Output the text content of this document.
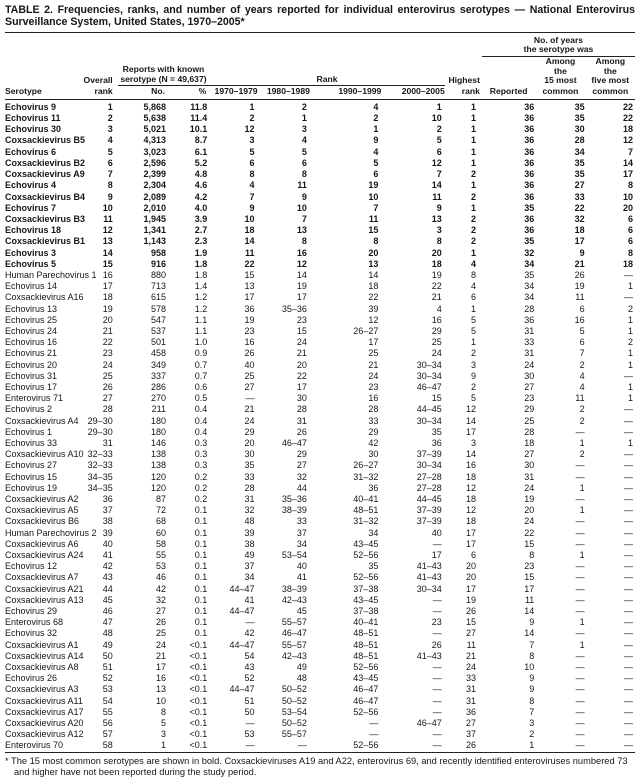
TABLE 2. Frequencies, ranks, and number of years reported for individual enterovirus serotypes — National Enterovirus Surveillance System, United States, 1970–2005*
									No. of years
the serotype was		
	Overall	Reports with known
serotype (N = 49,637)		Rank				Highest		Among
the
15 most	Among
the
five most
Serotype	rank	No.	%	1970–1979	1980–1989	1990–1999	2000–2005	rank	Reported	common	common
Echovirus 9	1	5,868	11.8	1	2	4	1	1	36	35	22
Echovirus 11	2	5,638	11.4	2	1	2	10	1	36	35	22
Echovirus 30	3	5,021	10.1	12	3	1	2	1	36	30	18
Coxsackievirus B5	4	4,313	8.7	3	4	9	5	1	36	28	12
Echovirus 6	5	3,023	6.1	5	5	4	6	1	36	34	7
Coxsackievirus B2	6	2,596	5.2	6	6	5	12	1	36	35	14
Coxsackievirus A9	7	2,399	4.8	8	8	6	7	2	36	35	17
Echovirus 4	8	2,304	4.6	4	11	19	14	1	36	27	8
Coxsackievirus B4	9	2,089	4.2	7	9	10	11	2	36	33	10
Echovirus 7	10	2,010	4.0	9	10	7	9	1	35	22	20
Coxsackievirus B3	11	1,945	3.9	10	7	11	13	2	36	32	6
Echovirus 18	12	1,341	2.7	18	13	15	3	2	36	18	6
Coxsackievirus B1	13	1,143	2.3	14	8	8	8	2	35	17	6
Echovirus 3	14	958	1.9	11	16	20	20	1	32	9	8
Echovirus 5	15	916	1.8	22	12	13	18	4	34	21	18
Human Parechovirus 1	16	880	1.8	15	14	14	19	8	35	26	—
Echovirus 14	17	713	1.4	13	19	18	22	4	34	19	1
Coxsackievirus A16	18	615	1.2	17	17	22	21	6	34	11	—
Echovirus 13	19	578	1.2	36	35–36	39	4	1	28	6	2
Echovirus 25	20	547	1.1	19	23	12	16	5	36	16	1
Echovirus 24	21	537	1.1	23	15	26–27	29	5	31	5	1
Echovirus 16	22	501	1.0	16	24	17	25	1	33	6	2
Echovirus 21	23	458	0.9	26	21	25	24	2	31	7	1
Echovirus 20	24	349	0.7	40	20	21	30–34	3	24	2	1
Echovirus 31	25	337	0.7	25	22	24	30–34	9	30	4	—
Echovirus 17	26	286	0.6	27	17	23	46–47	2	27	4	1
Enterovirus 71	27	270	0.5	—	30	16	15	5	23	11	1
Echovirus 2	28	211	0.4	21	28	28	44–45	12	29	2	—
Coxsackievirus A4	29–30	180	0.4	24	31	33	30–34	14	25	2	—
Echovirus 1	29–30	180	0.4	29	26	29	35	17	28	—	—
Echovirus 33	31	146	0.3	20	46–47	42	36	3	18	1	1
Coxsackievirus A10	32–33	138	0.3	30	29	30	37–39	14	27	2	—
Echovirus 27	32–33	138	0.3	35	27	26–27	30–34	16	30	—	—
Echovirus 15	34–35	120	0.2	33	32	31–32	27–28	18	31	—	—
Echovirus 19	34–35	120	0.2	28	44	36	27–28	12	24	1	—
Coxsackievirus A2	36	87	0.2	31	35–36	40–41	44–45	18	19	—	—
Coxsackievirus A5	37	72	0.1	32	38–39	48–51	37–39	12	20	1	—
Coxsackievirus B6	38	68	0.1	48	33	31–32	37–39	18	24	—	—
Human Parechovirus 2	39	60	0.1	39	37	34	40	17	22	—	—
Coxsackievirus A6	40	58	0.1	38	34	43–45	—	17	15	—	—
Coxsackievirus A24	41	55	0.1	49	53–54	52–56	17	6	8	1	—
Echovirus 12	42	53	0.1	37	40	35	41–43	20	23	—	—
Coxsackievirus A7	43	46	0.1	34	41	52–56	41–43	20	15	—	—
Coxsackievirus A21	44	42	0.1	44–47	38–39	37–38	30–34	17	17	—	—
Coxsackievirus A13	45	32	0.1	41	42–43	43–45	—	19	11	—	—
Echovirus 29	46	27	0.1	44–47	45	37–38	—	26	14	—	—
Enterovirus 68	47	26	0.1	—	55–57	40–41	23	15	9	1	—
Echovirus 32	48	25	0.1	42	46–47	48–51	—	27	14	—	—
Coxsackievirus A1	49	24	<0.1	44–47	55–57	48–51	26	11	7	1	—
Coxsackievirus A14	50	21	<0.1	54	42–43	48–51	41–43	21	8	—	—
Coxsackievirus A8	51	17	<0.1	43	49	52–56	—	24	10	—	—
Echovirus 26	52	16	<0.1	52	48	43–45	—	33	9	—	—
Coxsackievirus A3	53	13	<0.1	44–47	50–52	46–47	—	31	9	—	—
Coxsackievirus A11	54	10	<0.1	51	50–52	46–47	—	31	8	—	—
Coxsackievirus A17	55	8	<0.1	50	53–54	52–56	—	36	7	—	—
Coxsackievirus A20	56	5	<0.1	—	50–52	—	46–47	27	3	—	—
Coxsackievirus A12	57	3	<0.1	53	55–57	—	—	37	2	—	—
Enterovirus 70	58	1	<0.1	—	—	52–56	—	26	1	—	—
* The 15 most common serotypes are shown in bold. Coxsackieviruses A19 and A22, enterovirus 69, and recently identified enteroviruses numbered 73 and higher have not been reported during the study period.
